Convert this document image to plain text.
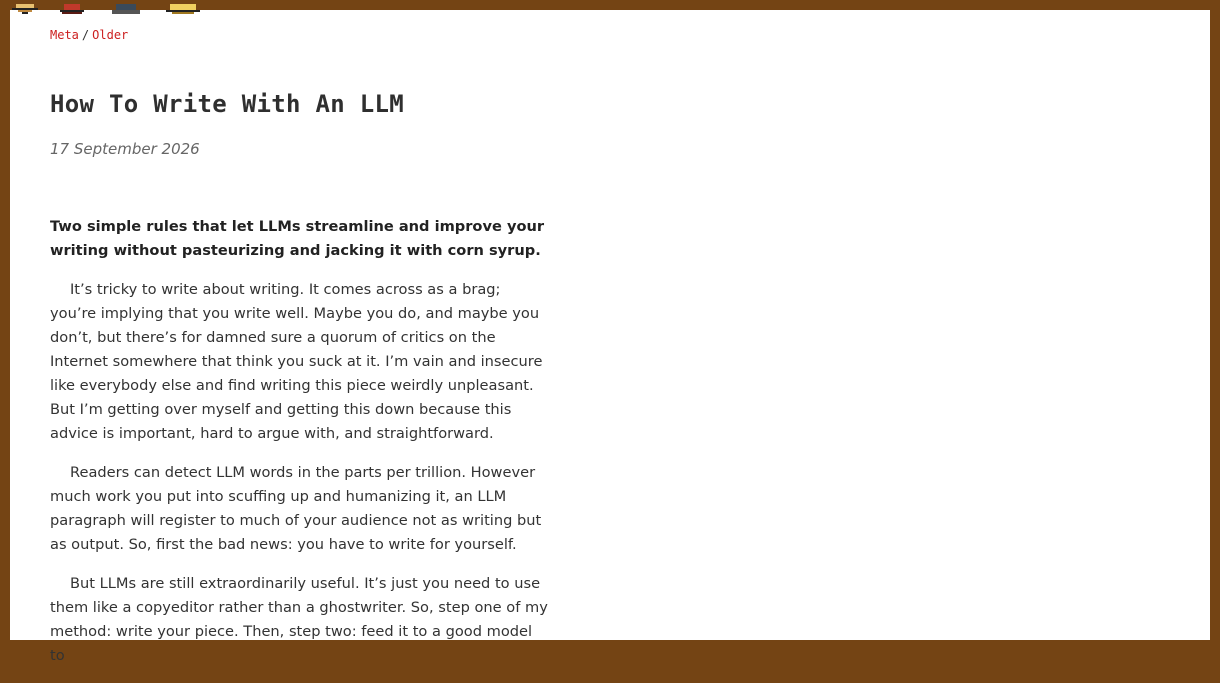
Meta / Older
How To Write With An LLM
17 September 2026

Two simple rules that let LLMs streamline and improve your writing without pasteurizing and jacking it with corn syrup.

It’s tricky to write about writing. It comes across as a brag; you’re implying that you write well. Maybe you do, and maybe you don’t, but there’s for damned sure a quorum of critics on the Internet somewhere that think you suck at it. I’m vain and insecure like everybody else and find writing this piece weirdly unpleasant. But I’m getting over myself and getting this down because this advice is important, hard to argue with, and straightforward.

Readers can detect LLM words in the parts per trillion. However much work you put into scuffing up and humanizing it, an LLM paragraph will register to much of your audience not as writing but as output. So, first the bad news: you have to write for yourself.

But LLMs are still extraordinarily useful. It’s just you need to use them like a copyeditor rather than a ghostwriter. So, step one of my method: write your piece. Then, step two: feed it to a good model to
